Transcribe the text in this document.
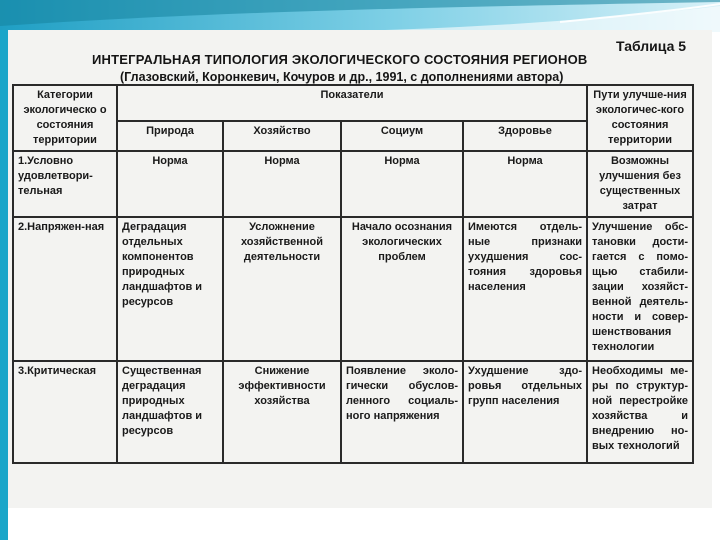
Таблица 5
ИНТЕГРАЛЬНАЯ ТИПОЛОГИЯ ЭКОЛОГИЧЕСКОГО СОСТОЯНИЯ РЕГИОНОВ
(Глазовский, Коронкевич, Кочуров и др., 1991, с дополнениями автора)
Категории экологическо о состояния территории	Показатели				Пути улучше-ния экологичес-кого состояния территории
	Природа	Хозяйство	Социум	Здоровье	
1.Условно удовлетвори-тельная	Норма	Норма	Норма	Норма	Возможны улучшения без существенных затрат
2.Напряжен-ная	Деградация отдельных компонентов природных ландшафтов и ресурсов	Усложнение хозяйственной деятельности	Начало осознания экологических проблем	Имеются отдель-ные признаки ухудшения сос-тояния здоровья населения	Улучшение обс-тановки дости-гается с помо-щью стабили-зации хозяйст-венной деятель-ности и совер-шенствования технологии
3.Критическая	Существенная деградация природных ландшафтов и ресурсов	Снижение эффективности хозяйства	Появление эколо-гически обуслов-ленного социаль-ного напряжения	Ухудшение здо-ровья отдельных групп населения	Необходимы ме-ры по структур-ной перестройке хозяйства и внедрению но-вых технологий
